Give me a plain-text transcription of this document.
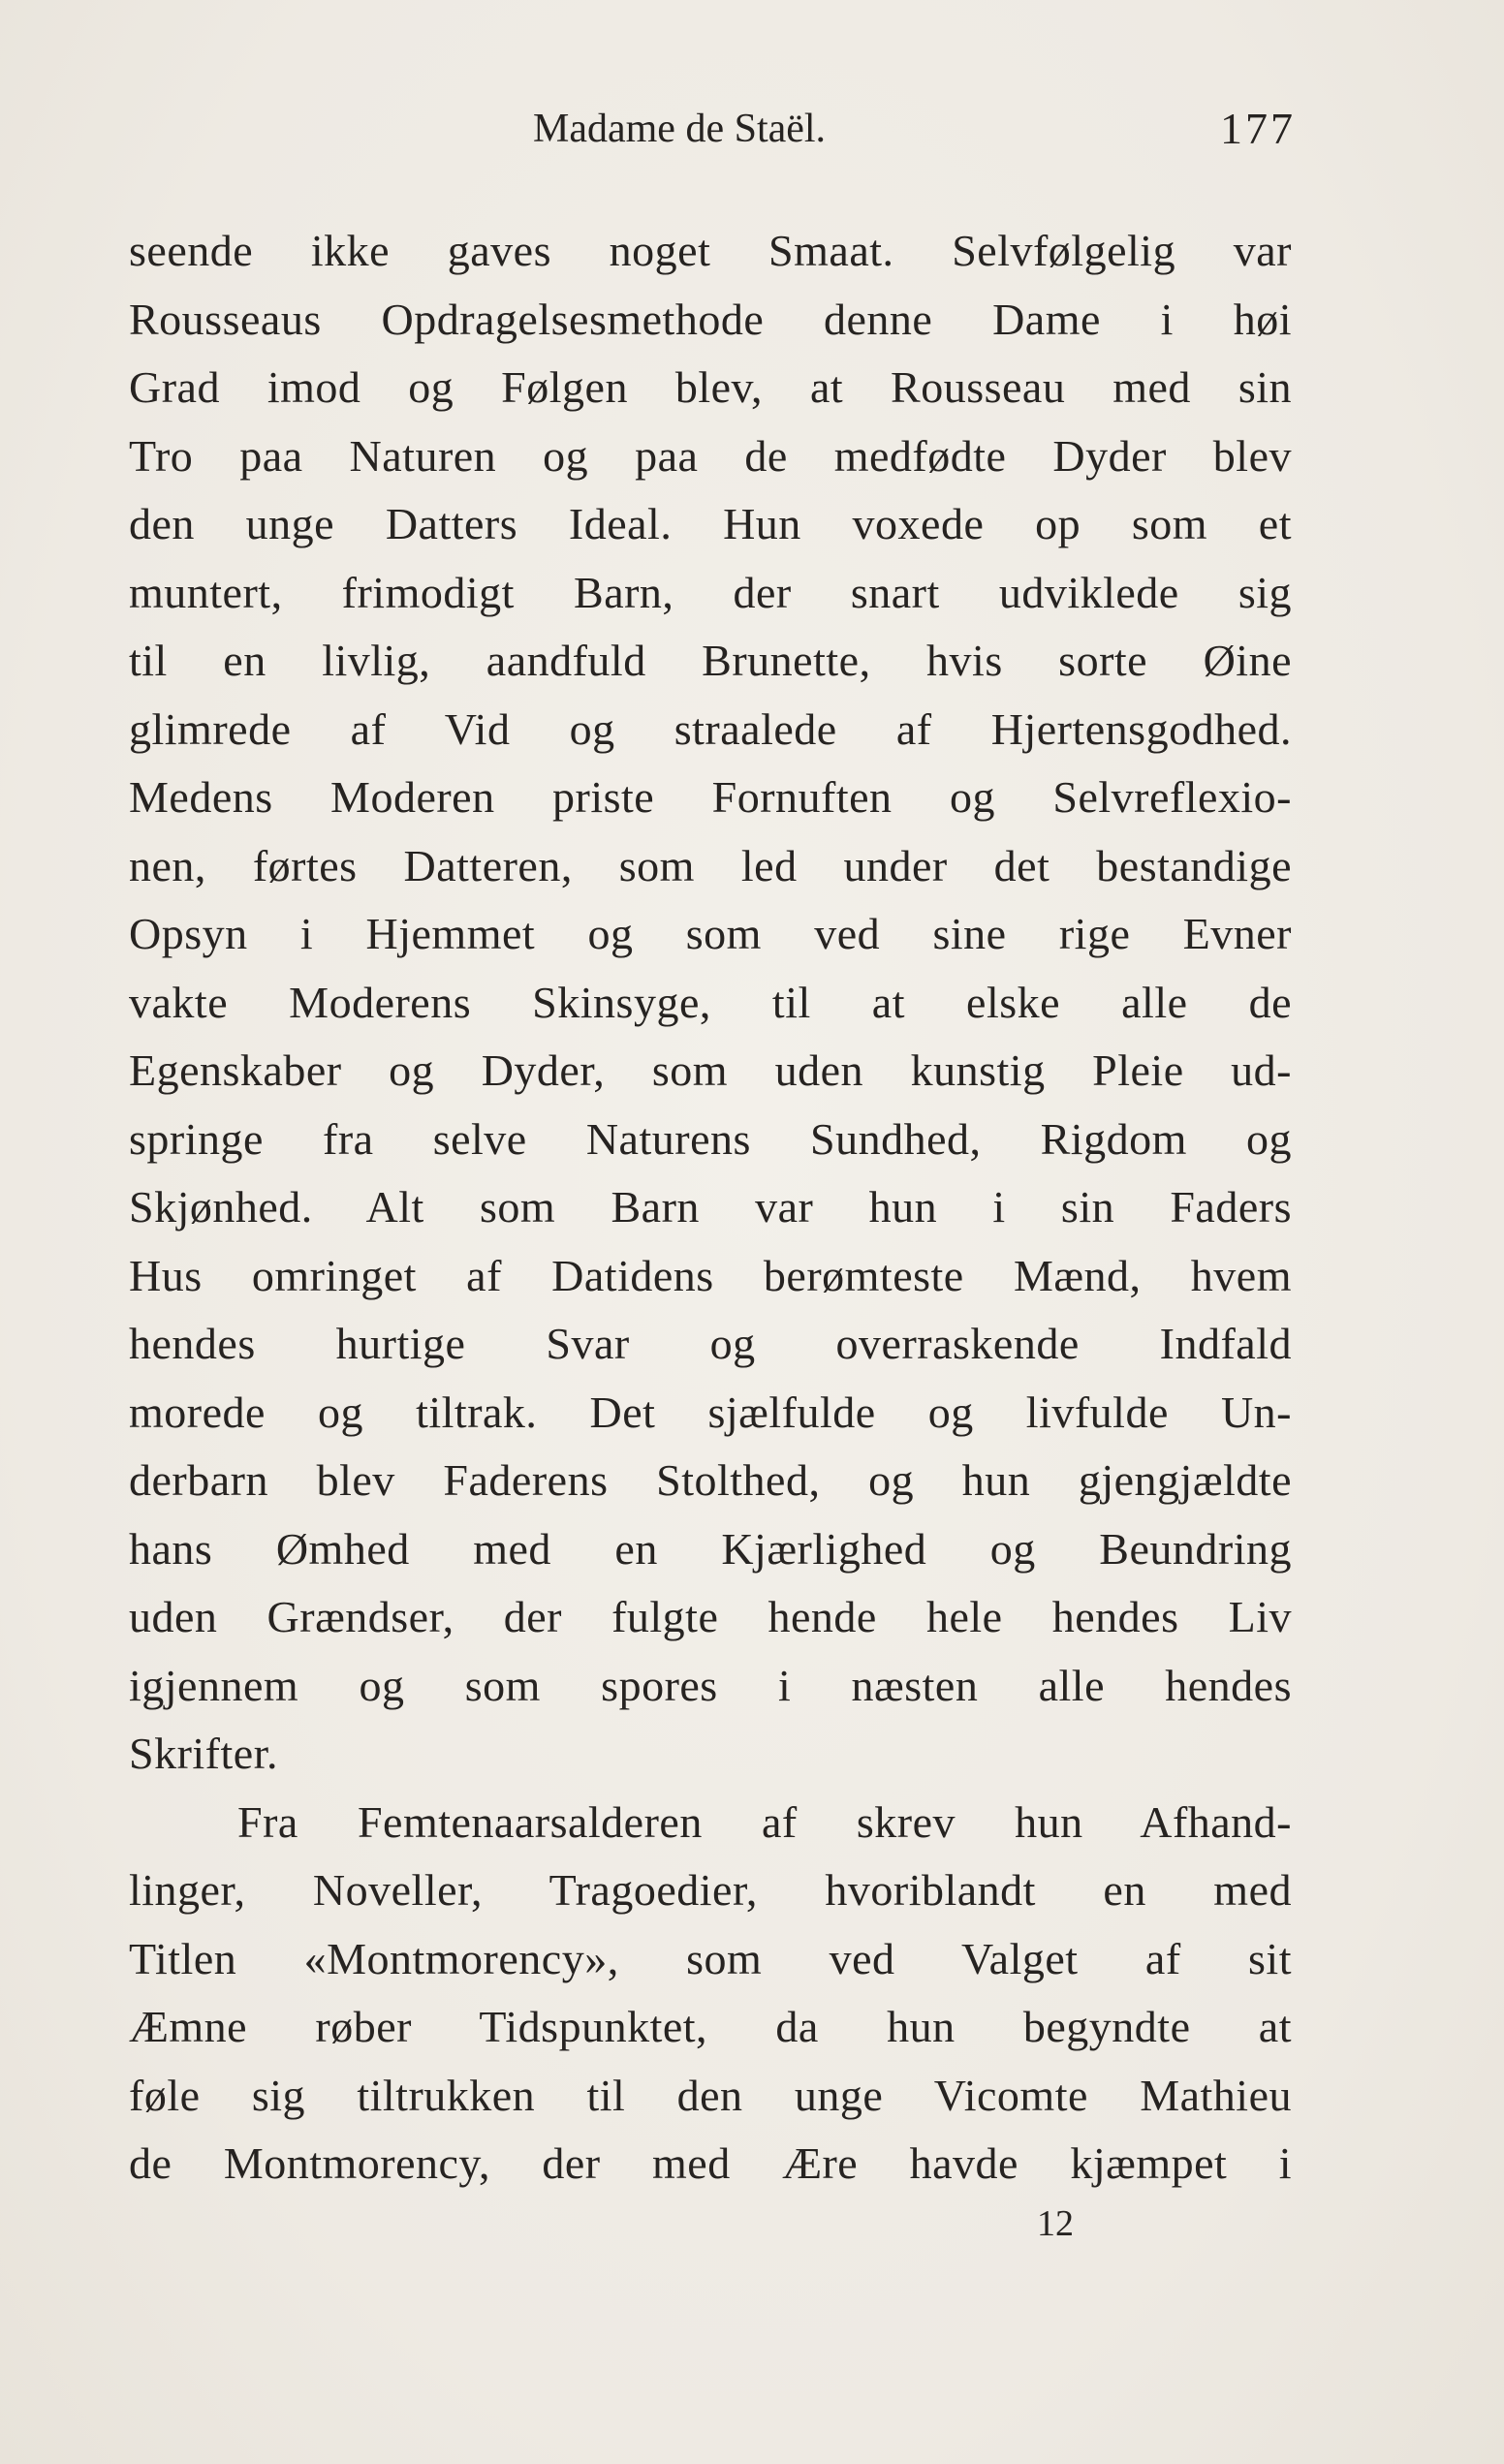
Madame de Staël.	177
seende ikke gaves noget Smaat. Selvfølgelig var
Rousseaus Opdragelsesmethode denne Dame i høi
Grad imod og Følgen blev, at Rousseau med sin
Tro paa Naturen og paa de medfødte Dyder blev
den unge Datters Ideal. Hun voxede op som et
muntert, frimodigt Barn, der snart udviklede sig
til en livlig, aandfuld Brunette, hvis sorte Øine
glimrede af Vid og straalede af Hjertensgodhed.
Medens Moderen priste Fornuften og Selvreflexio-
nen, førtes Datteren, som led under det bestandige
Opsyn i Hjemmet og som ved sine rige Evner
vakte Moderens Skinsyge, til at elske alle de
Egenskaber og Dyder, som uden kunstig Pleie ud-
springe fra selve Naturens Sundhed, Rigdom og
Skjønhed. Alt som Barn var hun i sin Faders
Hus omringet af Datidens berømteste Mænd, hvem
hendes hurtige Svar og overraskende Indfald
morede og tiltrak. Det sjælfulde og livfulde Un-
derbarn blev Faderens Stolthed, og hun gjengjældte
hans Ømhed med en Kjærlighed og Beundring
uden Grændser, der fulgte hende hele hendes Liv
igjennem og som spores i næsten alle hendes
Skrifter.
Fra Femtenaarsalderen af skrev hun Afhand-
linger, Noveller, Tragoedier, hvoriblandt en med
Titlen «Montmorency», som ved Valget af sit
Æmne røber Tidspunktet, da hun begyndte at
føle sig tiltrukken til den unge Vicomte Mathieu
de Montmorency, der med Ære havde kjæmpet i
12
